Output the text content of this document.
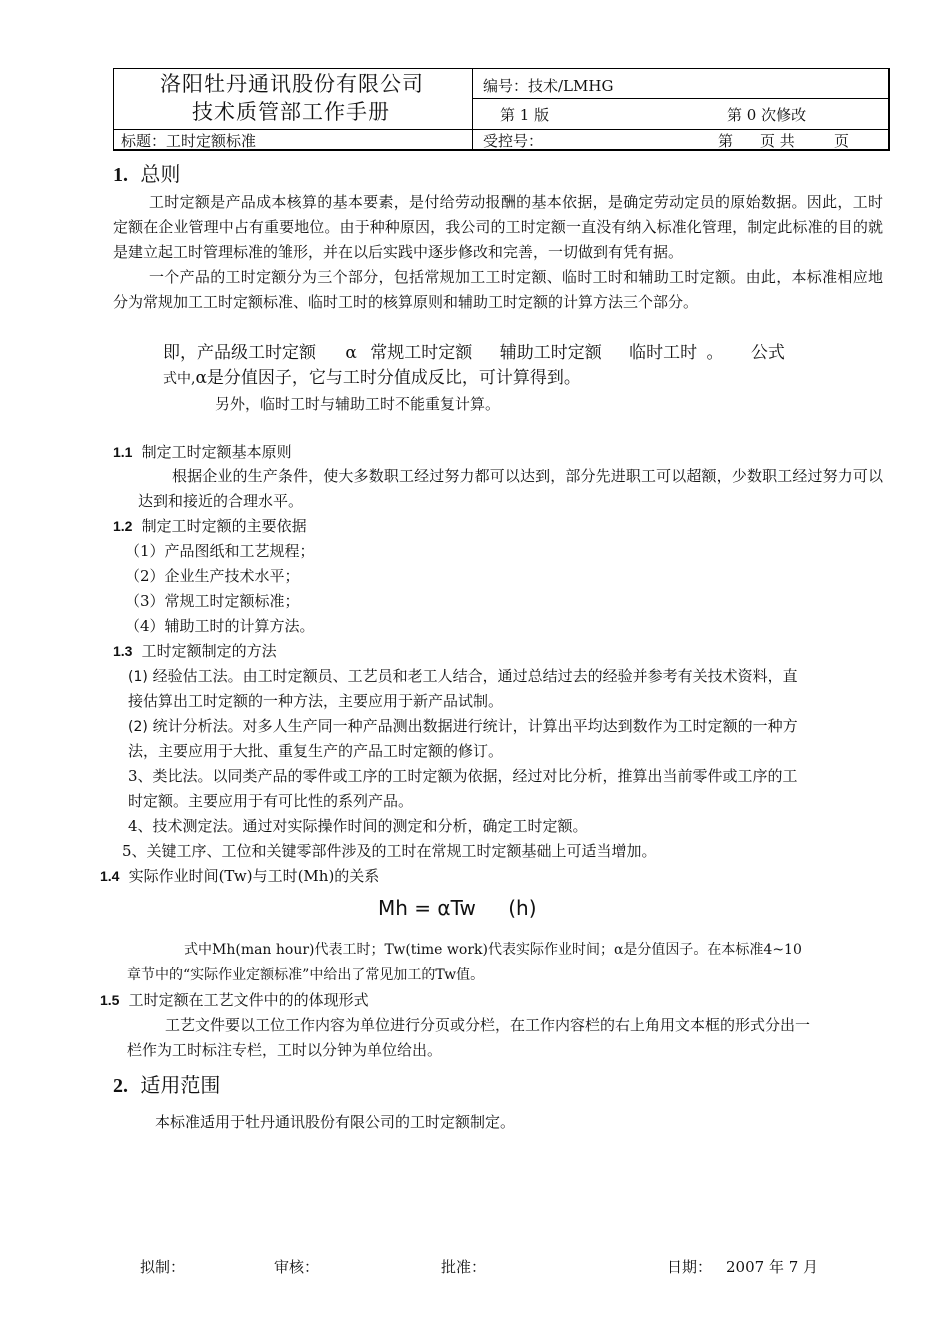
洛阳牡丹通讯股份有限公司
技术质管部工作手册
编号：技术/LMHG
第 1 版	第 0 次修改
标题：工时定额标准	受控号：	第 页 共	页
1. 总则
工时定额是产品成本核算的基本要素，是付给劳动报酬的基本依据，是确定劳动定员的原始数据。因此，工时定额在企业管理中占有重要地位。由于种种原因，我公司的工时定额一直没有纳入标准化管理，制定此标准的目的就是建立起工时管理标准的雏形，并在以后实践中逐步修改和完善，一切做到有凭有据。
一个产品的工时定额分为三个部分，包括常规加工工时定额、临时工时和辅助工时定额。由此，本标准相应地分为常规加工工时定额标准、临时工时的核算原则和辅助工时定额的计算方法三个部分。
即，产品级工时定额 α 常规工时定额 辅助工时定额 临时工时 。 公式
式中,α是分值因子，它与工时分值成反比，可计算得到。
另外，临时工时与辅助工时不能重复计算。
1.1 制定工时定额基本原则
根据企业的生产条件，使大多数职工经过努力都可以达到，部分先进职工可以超额，少数职工经过努力可以达到和接近的合理水平。
1.2 制定工时定额的主要依据
（1）产品图纸和工艺规程；
（2）企业生产技术水平；
（3）常规工时定额标准；
（4）辅助工时的计算方法。
1.3 工时定额制定的方法
(1) 经验估工法。由工时定额员、工艺员和老工人结合，通过总结过去的经验并参考有关技术资料，直
接估算出工时定额的一种方法，主要应用于新产品试制。
(2) 统计分析法。对多人生产同一种产品测出数据进行统计，计算出平均达到数作为工时定额的一种方
法，主要应用于大批、重复生产的产品工时定额的修订。
3、类比法。以同类产品的零件或工序的工时定额为依据，经过对比分析，推算出当前零件或工序的工
时定额。主要应用于有可比性的系列产品。
4、技术测定法。通过对实际操作时间的测定和分析，确定工时定额。
5、关键工序、工位和关键零部件涉及的工时在常规工时定额基础上可适当增加。
1.4 实际作业时间(Tw)与工时(Mh)的关系
Mh = αTw (h)
式中Mh(man hour)代表工时；Tw(time work)代表实际作业时间；α是分值因子。在本标准4~10
章节中的“实际作业定额标准”中给出了常见加工的Tw值。
1.5 工时定额在工艺文件中的的体现形式
工艺文件要以工位工作内容为单位进行分页或分栏，在工作内容栏的右上角用文本框的形式分出一
栏作为工时标注专栏，工时以分钟为单位给出。
2. 适用范围
本标准适用于牡丹通讯股份有限公司的工时定额制定。
拟制：	审核：	批准：	日期： 2007 年 7 月
